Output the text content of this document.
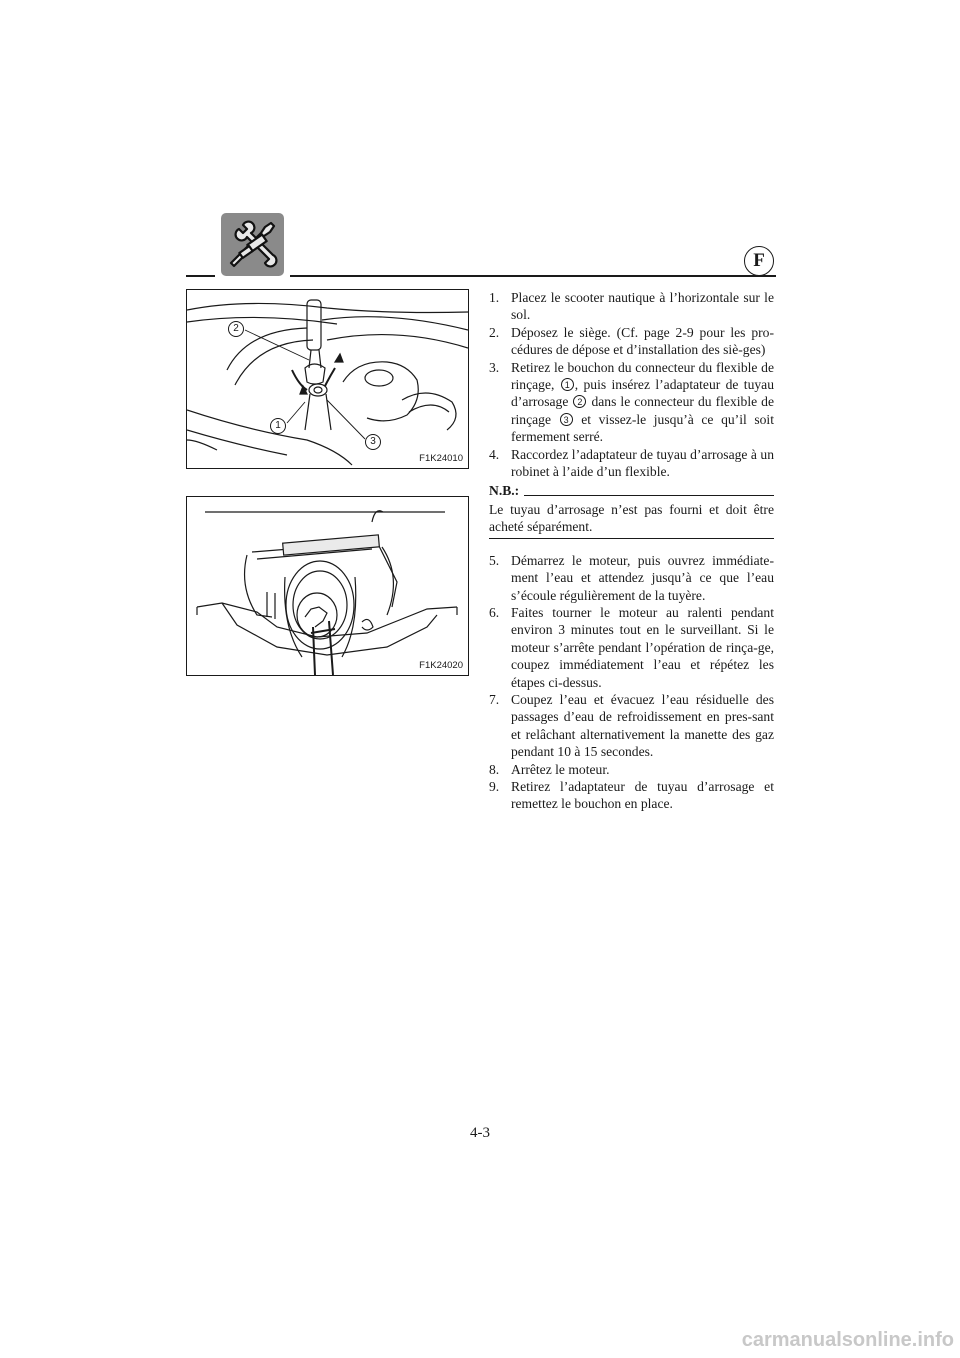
F
2
1
3
F1K24010
F1K24020
1. Placez le scooter nautique à l’horizontale sur le sol.
2. Déposez le siège. (Cf. page 2-9 pour les pro-cédures de dépose et d’installation des siè-ges)
3. Retirez le bouchon du connecteur du flexible de rinçage, 1 , puis insérez l’adaptateur de tuyau d’arrosage 2 dans le connecteur du flexible de rinçage 3 et vissez-le jusqu’à ce qu’il soit fermement serré.
4. Raccordez l’adaptateur de tuyau d’arrosage à un robinet à l’aide d’un flexible.
N.B.:
Le tuyau d’arrosage n’est pas fourni et doit être acheté séparément.
5. Démarrez le moteur, puis ouvrez immédiate-ment l’eau et attendez jusqu’à ce que l’eau s’écoule régulièrement de la tuyère.
6. Faites tourner le moteur au ralenti pendant environ 3 minutes tout en le surveillant. Si le moteur s’arrête pendant l’opération de rinça-ge, coupez immédiatement l’eau et répétez les étapes ci-dessus.
7. Coupez l’eau et évacuez l’eau résiduelle des passages d’eau de refroidissement en pres-sant et relâchant alternativement la manette des gaz pendant 10 à 15 secondes.
8. Arrêtez le moteur.
9. Retirez l’adaptateur de tuyau d’arrosage et remettez le bouchon en place.
4-3
carmanualsonline.info
